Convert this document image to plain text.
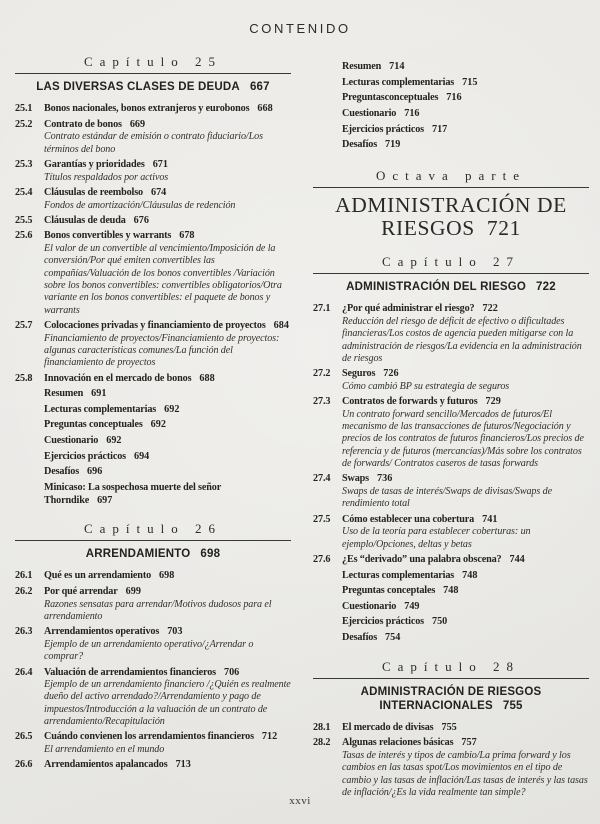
CONTENIDO
Capítulo 25
LAS DIVERSAS CLASES DE DEUDA 667
25.1	Bonos nacionales, bonos extranjeros y eurobonos 668
25.2	Contrato de bonos 669
Contrato estándar de emisión o contrato fiduciario/Los términos del bono
25.3	Garantías y prioridades 671
Títulos respaldados por activos
25.4	Cláusulas de reembolso 674
Fondos de amortización/Cláusulas de redención
25.5	Cláusulas de deuda 676
25.6	Bonos convertibles y warrants 678
El valor de un convertible al vencimiento/Imposición de la conversión/Por qué emiten convertibles las compañías/Valuación de los bonos convertibles /Variación sobre los bonos convertibles: convertibles obligatorios/Otra variante en los bonos convertibles: el paquete de bonos y warrants
25.7	Colocaciones privadas y financiamiento de proyectos 684
Financiamiento de proyectos/Financiamiento de proyectos: algunas características comunes/La función del financiamiento de proyectos
25.8	Innovación en el mercado de bonos 688
Resumen 691
Lecturas complementarias 692
Preguntas conceptuales 692
Cuestionario 692
Ejercicios prácticos 694
Desafíos 696
Minicaso: La sospechosa muerte del señor Thorndike 697
Capítulo 26
ARRENDAMIENTO 698
26.1	Qué es un arrendamiento 698
26.2	Por qué arrendar 699
Razones sensatas para arrendar/Motivos dudosos para el arrendamiento
26.3	Arrendamientos operativos 703
Ejemplo de un arrendamiento operativo/¿Arrendar o comprar?
26.4	Valuación de arrendamientos financieros 706
Ejemplo de un arrendamiento financiero /¿Quién es realmente dueño del activo arrendado?/Arrendamiento y pago de impuestos/Introducción a la valuación de un contrato de arrendamiento/Recapitulación
26.5	Cuándo convienen los arrendamientos financieros 712
El arrendamiento en el mundo
26.6	Arrendamientos apalancados 713
Resumen 714
Lecturas complementarias 715
Preguntasconceptuales 716
Cuestionario 716
Ejercicios prácticos 717
Desafíos 719
Octava parte
ADMINISTRACIÓN DE RIESGOS 721
Capítulo 27
ADMINISTRACIÓN DEL RIESGO 722
27.1	¿Por qué administrar el riesgo? 722
Reducción del riesgo de déficit de efectivo o dificultades financieras/Los costos de agencia pueden mitigarse con la administración de riesgos/La evidencia en la administración de riesgos
27.2	Seguros 726
Cómo cambió BP su estrategia de seguros
27.3	Contratos de forwards y futuros 729
Un contrato forward sencillo/Mercados de futuros/El mecanismo de las transacciones de futuros/Negociación y precios de los contratos de futuros financieros/Los precios de referencia y de futuros (mercancías)/Más sobre los contratos de forwards/ Contratos caseros de tasas forwards
27.4	Swaps 736
Swaps de tasas de interés/Swaps de divisas/Swaps de rendimiento total
27.5	Cómo establecer una cobertura 741
Uso de la teoría para establecer coberturas: un ejemplo/Opciones, deltas y betas
27.6	¿Es “derivado” una palabra obscena? 744
Lecturas complementarias 748
Preguntas conceptales 748
Cuestionario 749
Ejercicios prácticos 750
Desafíos 754
Capítulo 28
ADMINISTRACIÓN DE RIESGOS INTERNACIONALES 755
28.1	El mercado de divisas 755
28.2	Algunas relaciones básicas 757
Tasas de interés y tipos de cambio/La prima forward y los cambios en las tasas spot/Los movimientos en el tipo de cambio y las tasas de inflación/Las tasas de interés y las tasas de inflación/¿Es la vida realmente tan simple?
xxvi
